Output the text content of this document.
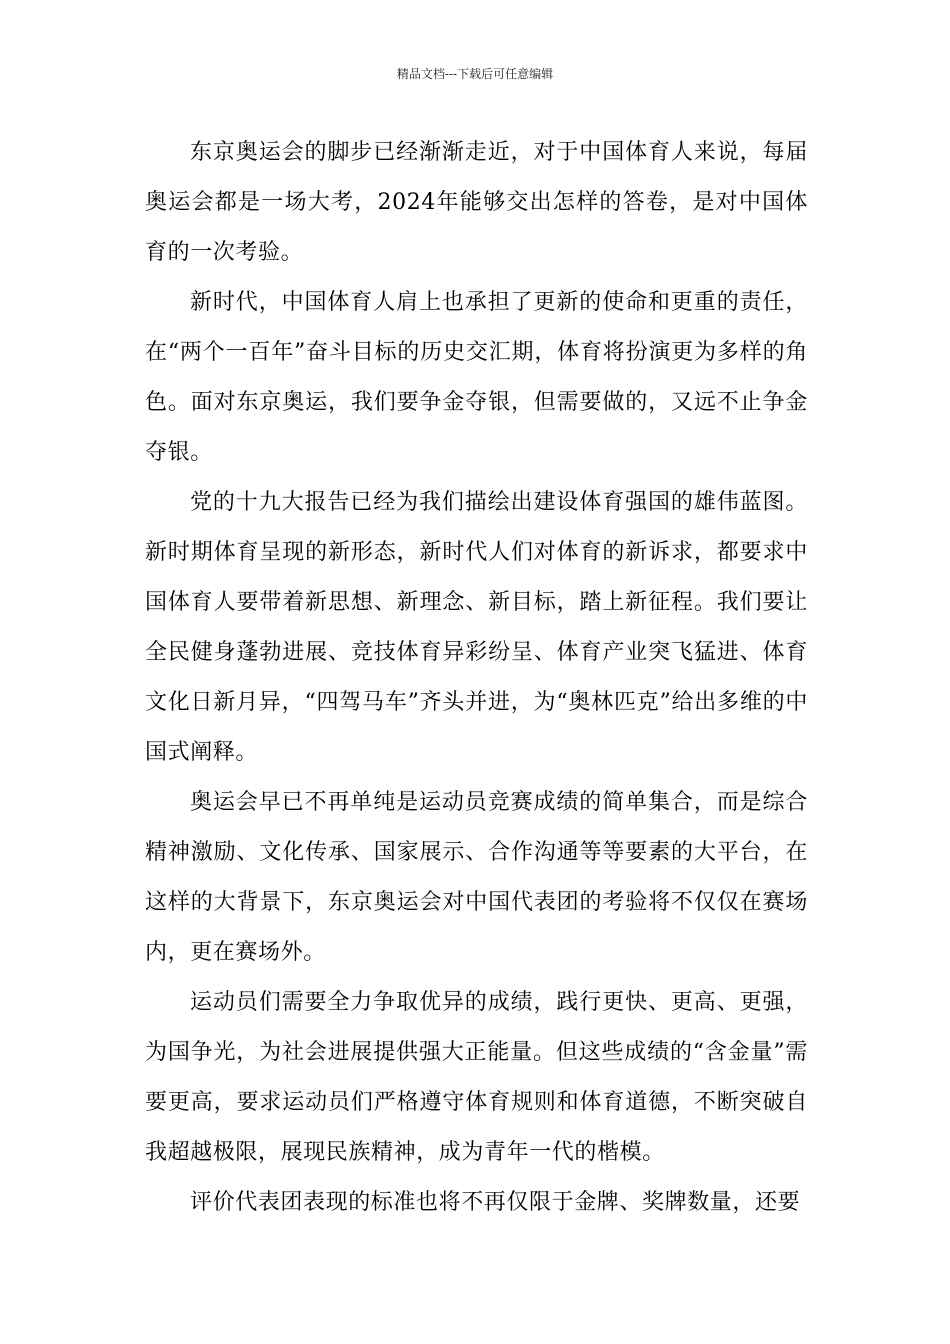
精品文档---下载后可任意编辑

东京奥运会的脚步已经渐渐走近，对于中国体育人来说，每届奥运会都是一场大考，2024年能够交出怎样的答卷，是对中国体育的一次考验。

新时代，中国体育人肩上也承担了更新的使命和更重的责任，在“两个一百年”奋斗目标的历史交汇期，体育将扮演更为多样的角色。面对东京奥运，我们要争金夺银，但需要做的，又远不止争金夺银。

党的十九大报告已经为我们描绘出建设体育强国的雄伟蓝图。新时期体育呈现的新形态，新时代人们对体育的新诉求，都要求中国体育人要带着新思想、新理念、新目标，踏上新征程。我们要让全民健身蓬勃进展、竞技体育异彩纷呈、体育产业突飞猛进、体育文化日新月异，“四驾马车”齐头并进，为“奥林匹克”给出多维的中国式阐释。

奥运会早已不再单纯是运动员竞赛成绩的简单集合，而是综合精神激励、文化传承、国家展示、合作沟通等等要素的大平台，在这样的大背景下，东京奥运会对中国代表团的考验将不仅仅在赛场内，更在赛场外。

运动员们需要全力争取优异的成绩，践行更快、更高、更强，为国争光，为社会进展提供强大正能量。但这些成绩的“含金量”需要更高，要求运动员们严格遵守体育规则和体育道德，不断突破自我超越极限，展现民族精神，成为青年一代的楷模。

评价代表团表现的标准也将不再仅限于金牌、奖牌数量，还要
